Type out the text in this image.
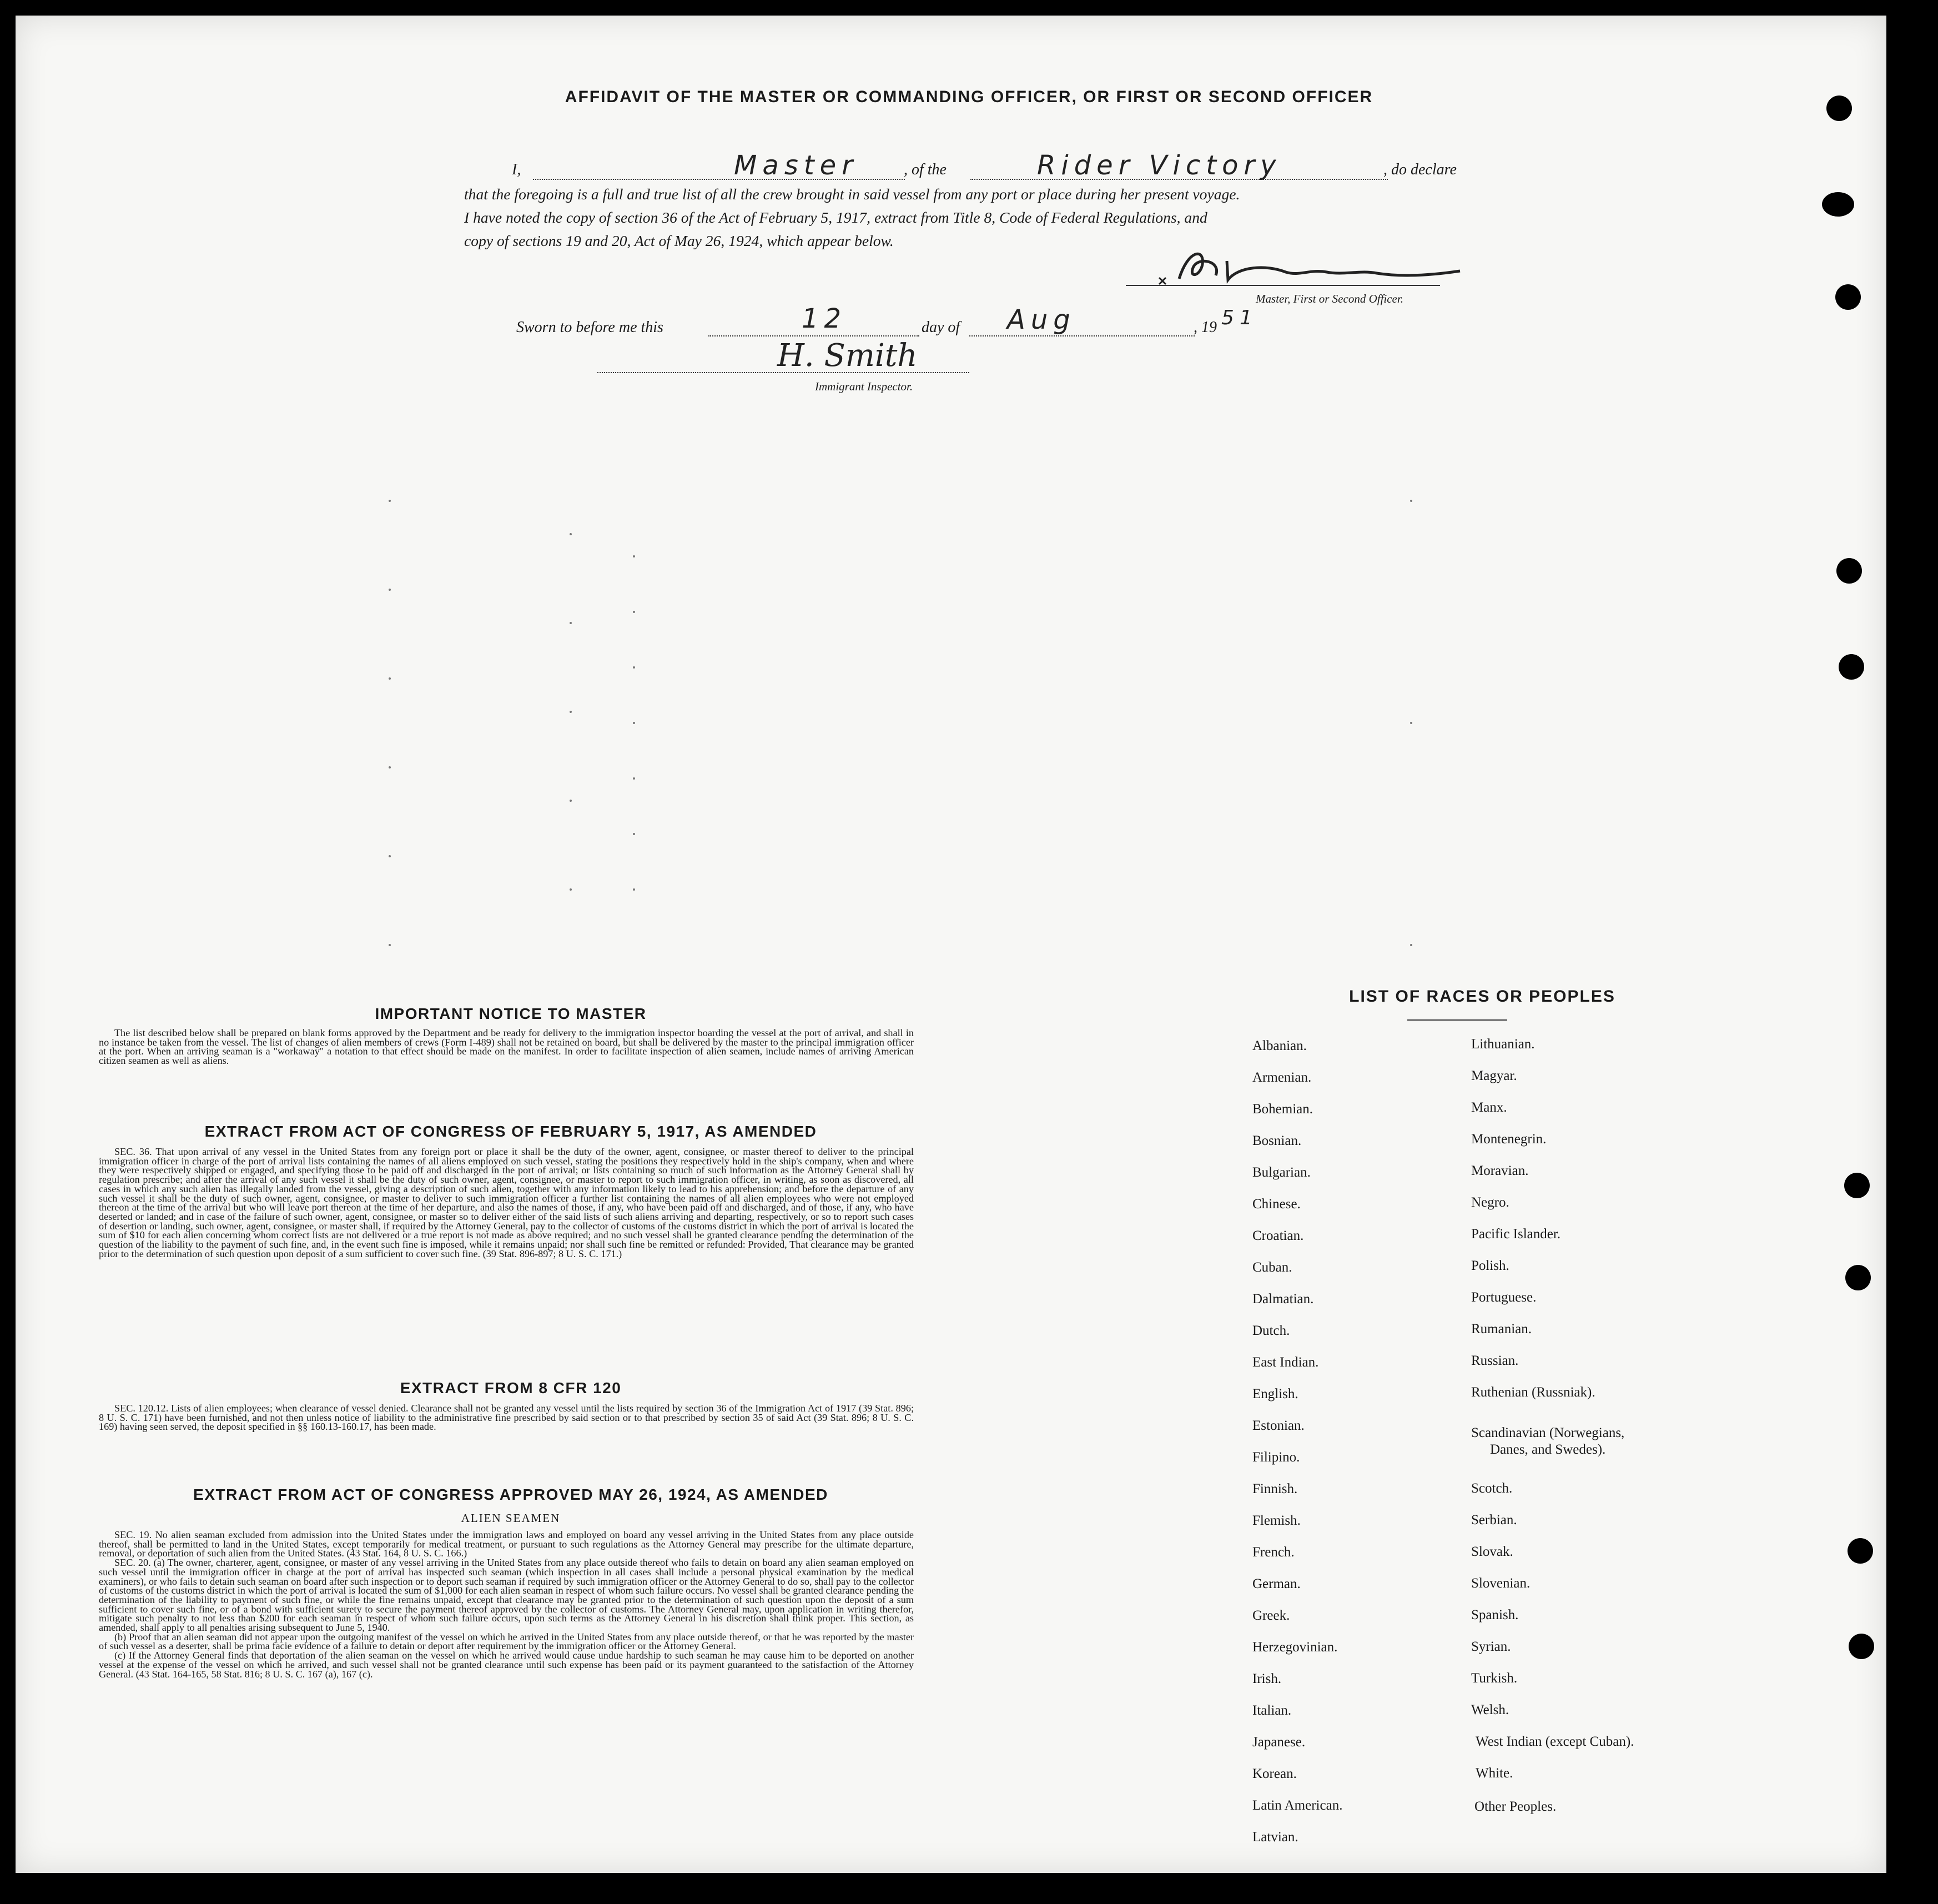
AFFIDAVIT OF THE MASTER OR COMMANDING OFFICER, OR FIRST OR SECOND OFFICER
I,	Master	, of the	Rider Victory	, do declare
that the foregoing is a full and true list of all the crew brought in said vessel from any port or place during her present voyage.
I have noted the copy of section 36 of the Act of February 5, 1917, extract from Title 8, Code of Federal Regulations, and
copy of sections 19 and 20, Act of May 26, 1924, which appear below.
Master, First or Second Officer.
Sworn to before me this	12	day of Aug	, 19 51
H. Smith
Immigrant Inspector.
IMPORTANT NOTICE TO MASTER

The list described below shall be prepared on blank forms approved by the Department and be ready for delivery to the immigration inspector boarding the vessel at the port of arrival, and shall in no instance be taken from the vessel. The list of changes of alien members of crews (Form I-489) shall not be retained on board, but shall be delivered by the master to the principal immigration officer at the port. When an arriving seaman is a "workaway" a notation to that effect should be made on the manifest. In order to facilitate inspection of alien seamen, include names of arriving American citizen seamen as well as aliens.

EXTRACT FROM ACT OF CONGRESS OF FEBRUARY 5, 1917, AS AMENDED

SEC. 36. That upon arrival of any vessel in the United States from any foreign port or place it shall be the duty of the owner, agent, consignee, or master thereof to deliver to the principal immigration officer in charge of the port of arrival lists containing the names of all aliens employed on such vessel, stating the positions they respectively hold in the ship's company, when and where they were respectively shipped or engaged, and specifying those to be paid off and discharged in the port of arrival; or lists containing so much of such information as the Attorney General shall by regulation prescribe; and after the arrival of any such vessel it shall be the duty of such owner, agent, consignee, or master to report to such immigration officer, in writing, as soon as discovered, all cases in which any such alien has illegally landed from the vessel, giving a description of such alien, together with any information likely to lead to his apprehension; and before the departure of any such vessel it shall be the duty of such owner, agent, consignee, or master to deliver to such immigration officer a further list containing the names of all alien employees who were not employed thereon at the time of the arrival but who will leave port thereon at the time of her departure, and also the names of those, if any, who have been paid off and discharged, and of those, if any, who have deserted or landed; and in case of the failure of such owner, agent, consignee, or master so to deliver either of the said lists of such aliens arriving and departing, respectively, or so to report such cases of desertion or landing, such owner, agent, consignee, or master shall, if required by the Attorney General, pay to the collector of customs of the customs district in which the port of arrival is located the sum of $10 for each alien concerning whom correct lists are not delivered or a true report is not made as above required; and no such vessel shall be granted clearance pending the determination of the question of the liability to the payment of such fine, and, in the event such fine is imposed, while it remains unpaid; nor shall such fine be remitted or refunded: Provided, That clearance may be granted prior to the determination of such question upon deposit of a sum sufficient to cover such fine. (39 Stat. 896-897; 8 U. S. C. 171.)

EXTRACT FROM 8 CFR 120

SEC. 120.12. Lists of alien employees; when clearance of vessel denied. Clearance shall not be granted any vessel until the lists required by section 36 of the Immigration Act of 1917 (39 Stat. 896; 8 U. S. C. 171) have been furnished, and not then unless notice of liability to the administrative fine prescribed by said section or to that prescribed by section 35 of said Act (39 Stat. 896; 8 U. S. C. 169) having seen served, the deposit specified in §§ 160.13-160.17, has been made.

EXTRACT FROM ACT OF CONGRESS APPROVED MAY 26, 1924, AS AMENDED
ALIEN SEAMEN

SEC. 19. No alien seaman excluded from admission into the United States under the immigration laws and employed on board any vessel arriving in the United States from any place outside thereof, shall be permitted to land in the United States, except temporarily for medical treatment, or pursuant to such regulations as the Attorney General may prescribe for the ultimate departure, removal, or deportation of such alien from the United States. (43 Stat. 164, 8 U. S. C. 166.)

SEC. 20. (a) The owner, charterer, agent, consignee, or master of any vessel arriving in the United States from any place outside thereof who fails to detain on board any alien seaman employed on such vessel until the immigration officer in charge at the port of arrival has inspected such seaman (which inspection in all cases shall include a personal physical examination by the medical examiners), or who fails to detain such seaman on board after such inspection or to deport such seaman if required by such immigration officer or the Attorney General to do so, shall pay to the collector of customs of the customs district in which the port of arrival is located the sum of $1,000 for each alien seaman in respect of whom such failure occurs. No vessel shall be granted clearance pending the determination of the liability to payment of such fine, or while the fine remains unpaid, except that clearance may be granted prior to the determination of such question upon the deposit of a sum sufficient to cover such fine, or of a bond with sufficient surety to secure the payment thereof approved by the collector of customs. The Attorney General may, upon application in writing therefor, mitigate such penalty to not less than $200 for each seaman in respect of whom such failure occurs, upon such terms as the Attorney General in his discretion shall think proper. This section, as amended, shall apply to all penalties arising subsequent to June 5, 1940.

(b) Proof that an alien seaman did not appear upon the outgoing manifest of the vessel on which he arrived in the United States from any place outside thereof, or that he was reported by the master of such vessel as a deserter, shall be prima facie evidence of a failure to detain or deport after requirement by the immigration officer or the Attorney General.

(c) If the Attorney General finds that deportation of the alien seaman on the vessel on which he arrived would cause undue hardship to such seaman he may cause him to be deported on another vessel at the expense of the vessel on which he arrived, and such vessel shall not be granted clearance until such expense has been paid or its payment guaranteed to the satisfaction of the Attorney General. (43 Stat. 164-165, 58 Stat. 816; 8 U. S. C. 167 (a), 167 (c).

LIST OF RACES OR PEOPLES
Albanian.
Armenian.
Bohemian.
Bosnian.
Bulgarian.
Chinese.
Croatian.
Cuban.
Dalmatian.
Dutch.
East Indian.
English.
Estonian.
Filipino.
Finnish.
Flemish.
French.
German.
Greek.
Herzegovinian.
Irish.
Italian.
Japanese.
Korean.
Latin American.
Latvian.
Lithuanian.
Magyar.
Manx.
Montenegrin.
Moravian.
Negro.
Pacific Islander.
Polish.
Portuguese.
Rumanian.
Russian.
Ruthenian (Russniak).
Scandinavian (Norwegians,
Danes, and Swedes).
Scotch.
Serbian.
Slovak.
Slovenian.
Spanish.
Syrian.
Turkish.
Welsh.
West Indian (except Cuban).
White.
Other Peoples.
